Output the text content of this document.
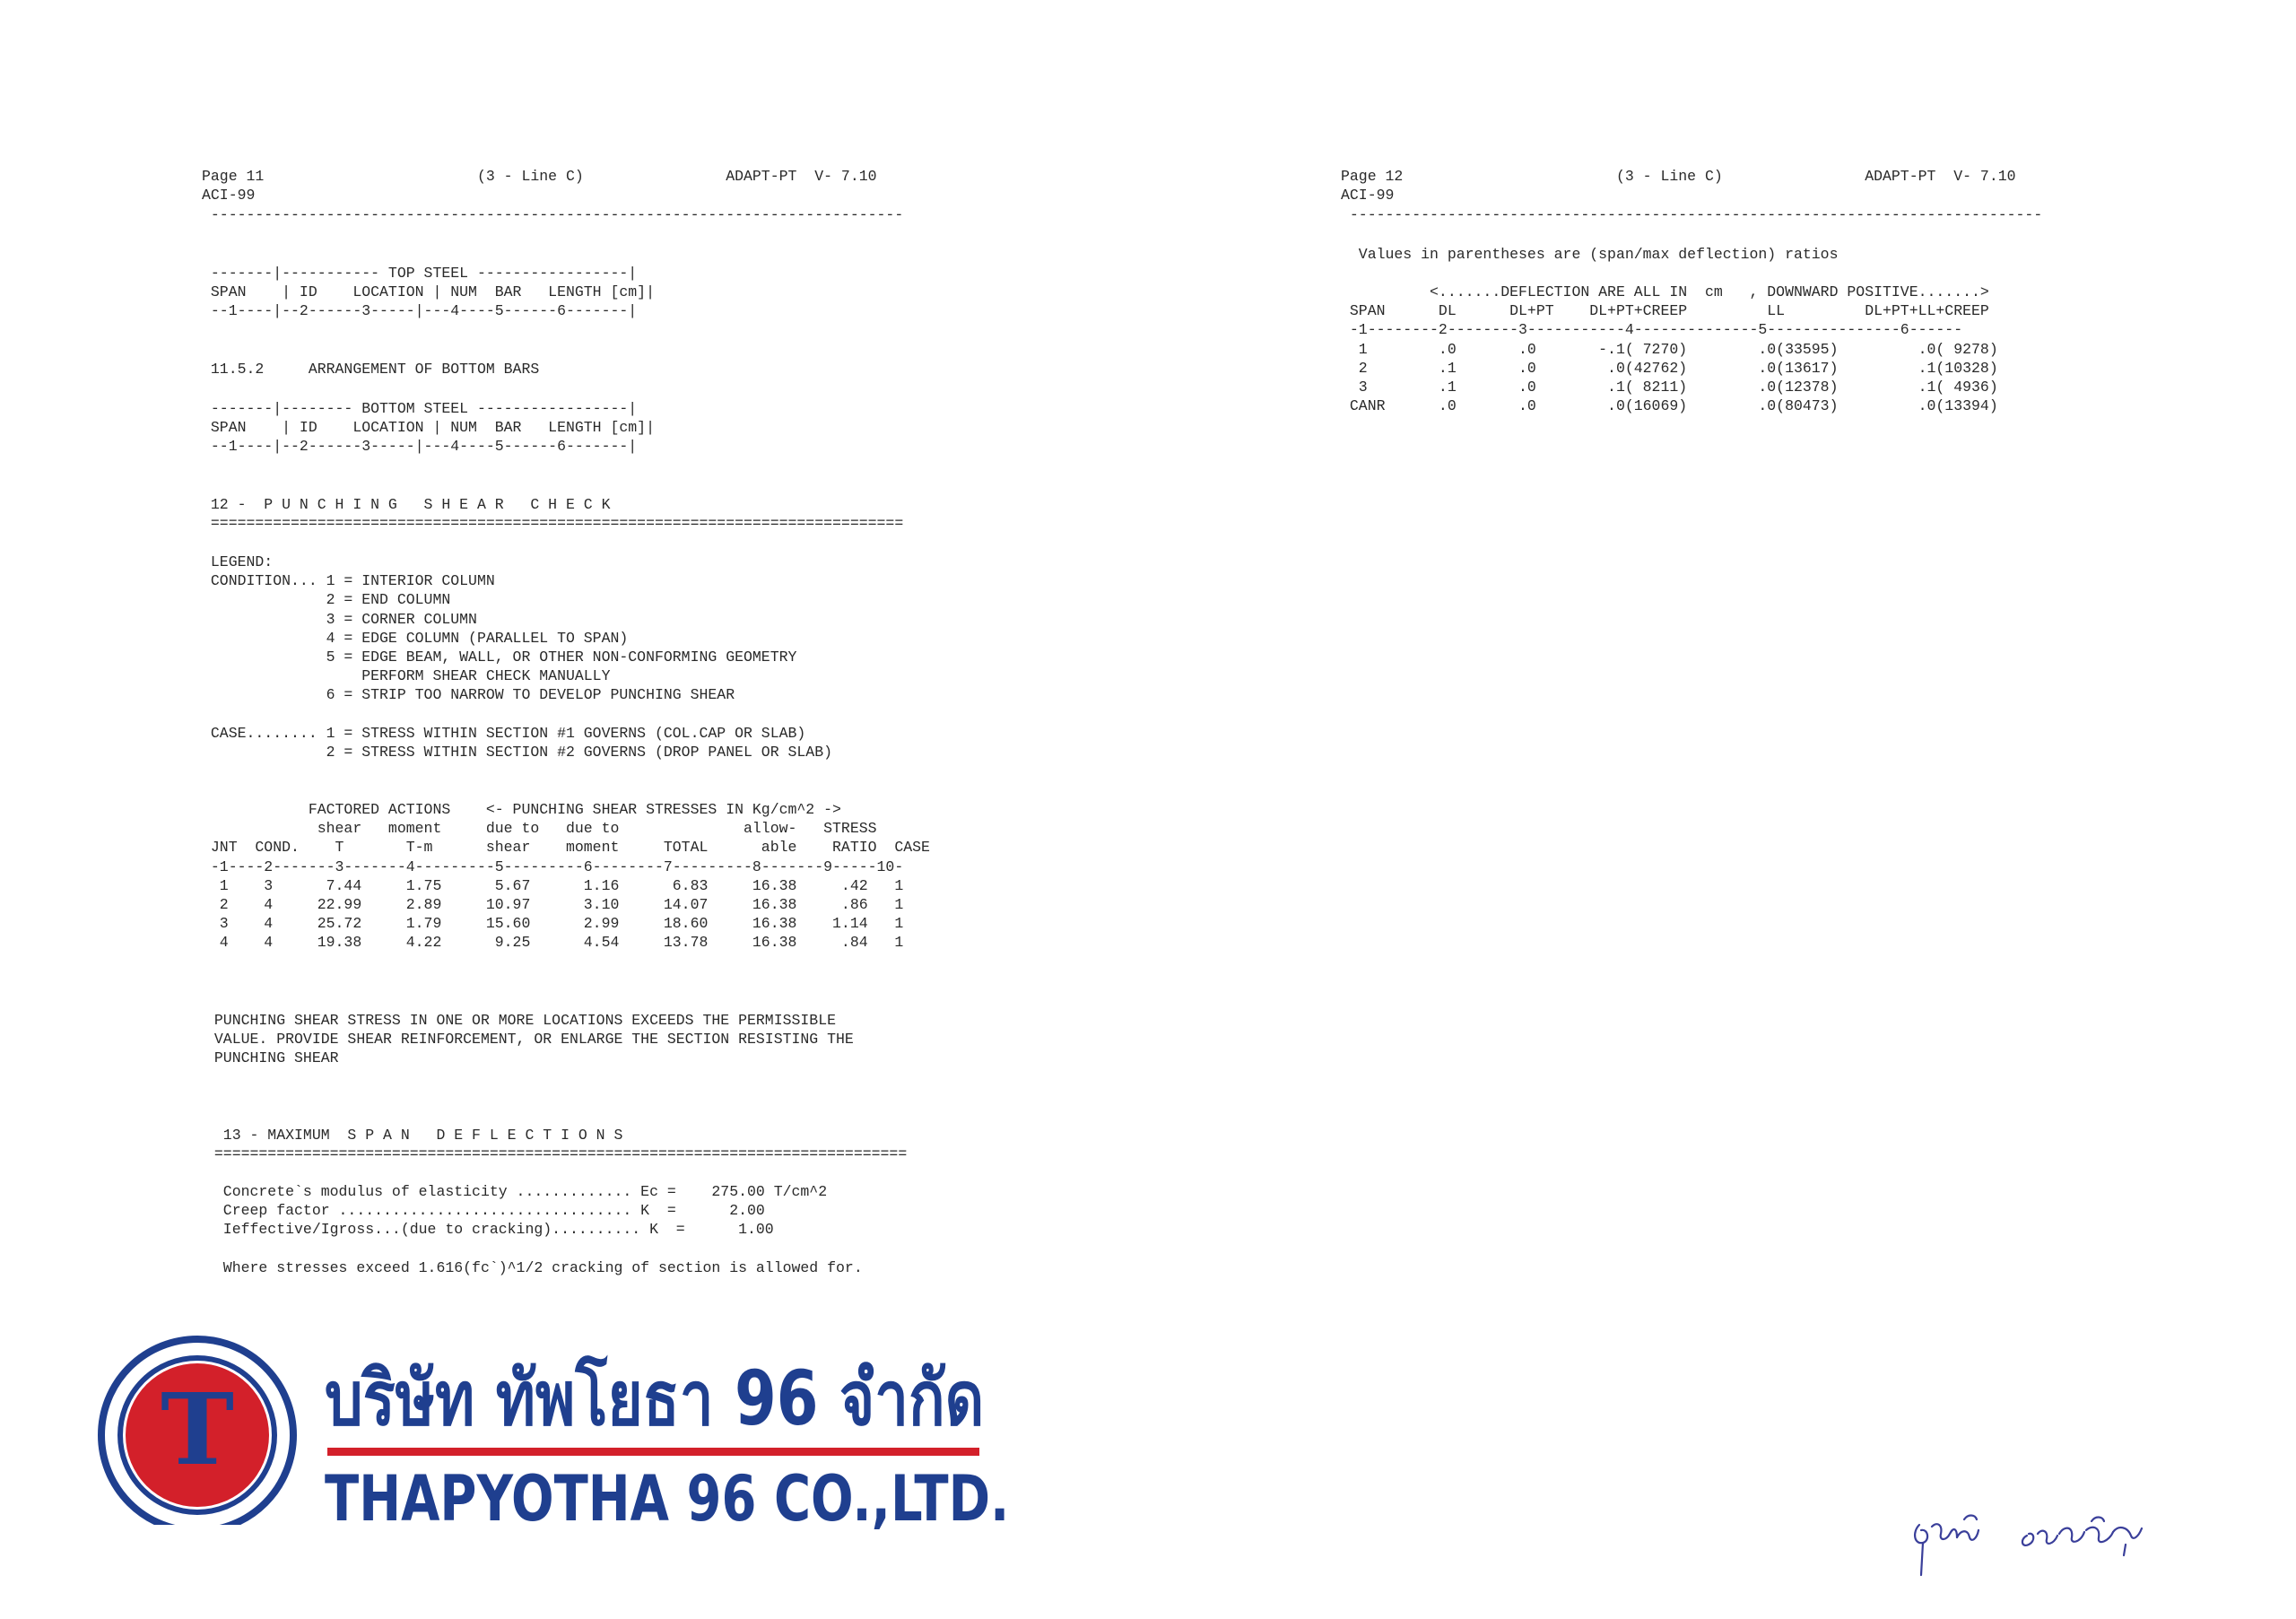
Page 11                        (3 - Line C)                ADAPT-PT  V- 7.10
ACI-99
------------------------------------------------------------------------------
-------|----------- TOP STEEL -----------------|
SPAN    | ID    LOCATION | NUM  BAR   LENGTH [cm]|
--1----|--2------3-----|---4----5------6-------|
11.5.2     ARRANGEMENT OF BOTTOM BARS
-------|-------- BOTTOM STEEL -----------------|
SPAN    | ID    LOCATION | NUM  BAR   LENGTH [cm]|
--1----|--2------3-----|---4----5------6-------|
12 -  P U N C H I N G   S H E A R   C H E C K
==============================================================================
LEGEND:
CONDITION... 1 = INTERIOR COLUMN
2 = END COLUMN
3 = CORNER COLUMN
4 = EDGE COLUMN (PARALLEL TO SPAN)
5 = EDGE BEAM, WALL, OR OTHER NON-CONFORMING GEOMETRY
PERFORM SHEAR CHECK MANUALLY
6 = STRIP TOO NARROW TO DEVELOP PUNCHING SHEAR

CASE........ 1 = STRESS WITHIN SECTION #1 GOVERNS (COL.CAP OR SLAB)
2 = STRESS WITHIN SECTION #2 GOVERNS (DROP PANEL OR SLAB)
FACTORED ACTIONS    <- PUNCHING SHEAR STRESSES IN Kg/cm^2 ->
shear   moment     due to   due to              allow-   STRESS
JNT  COND.    T       T-m      shear    moment     TOTAL      able    RATIO  CASE
-1----2-------3-------4---------5---------6--------7---------8-------9-----10-
1    3      7.44     1.75      5.67      1.16      6.83     16.38     .42   1
2    4     22.99     2.89     10.97      3.10     14.07     16.38     .86   1
3    4     25.72     1.79     15.60      2.99     18.60     16.38    1.14   1
4    4     19.38     4.22      9.25      4.54     13.78     16.38     .84   1
PUNCHING SHEAR STRESS IN ONE OR MORE LOCATIONS EXCEEDS THE PERMISSIBLE
VALUE. PROVIDE SHEAR REINFORCEMENT, OR ENLARGE THE SECTION RESISTING THE
PUNCHING SHEAR
13 - MAXIMUM  S P A N   D E F L E C T I O N S
==============================================================================
Concrete`s modulus of elasticity ............. Ec =    275.00 T/cm^2
Creep factor ................................. K  =      2.00
Ieffective/Igross...(due to cracking).......... K  =      1.00

Where stresses exceed 1.616(fc`)^1/2 cracking of section is allowed for.
T บริษัท ทัพโยธา 96 จำกัด
THAPYOTHA 96 CO.,LTD.
Page 12                        (3 - Line C)                ADAPT-PT  V- 7.10
ACI-99
------------------------------------------------------------------------------
Values in parentheses are (span/max deflection) ratios
<.......DEFLECTION ARE ALL IN  cm   , DOWNWARD POSITIVE.......>
SPAN      DL      DL+PT    DL+PT+CREEP         LL         DL+PT+LL+CREEP
-1--------2--------3-----------4--------------5---------------6------
1        .0       .0       -.1( 7270)        .0(33595)         .0( 9278)
2        .1       .0        .0(42762)        .0(13617)         .1(10328)
3        .1       .0        .1( 8211)        .0(12378)         .1( 4936)
CANR      .0       .0        .0(16069)        .0(80473)         .0(13394)
